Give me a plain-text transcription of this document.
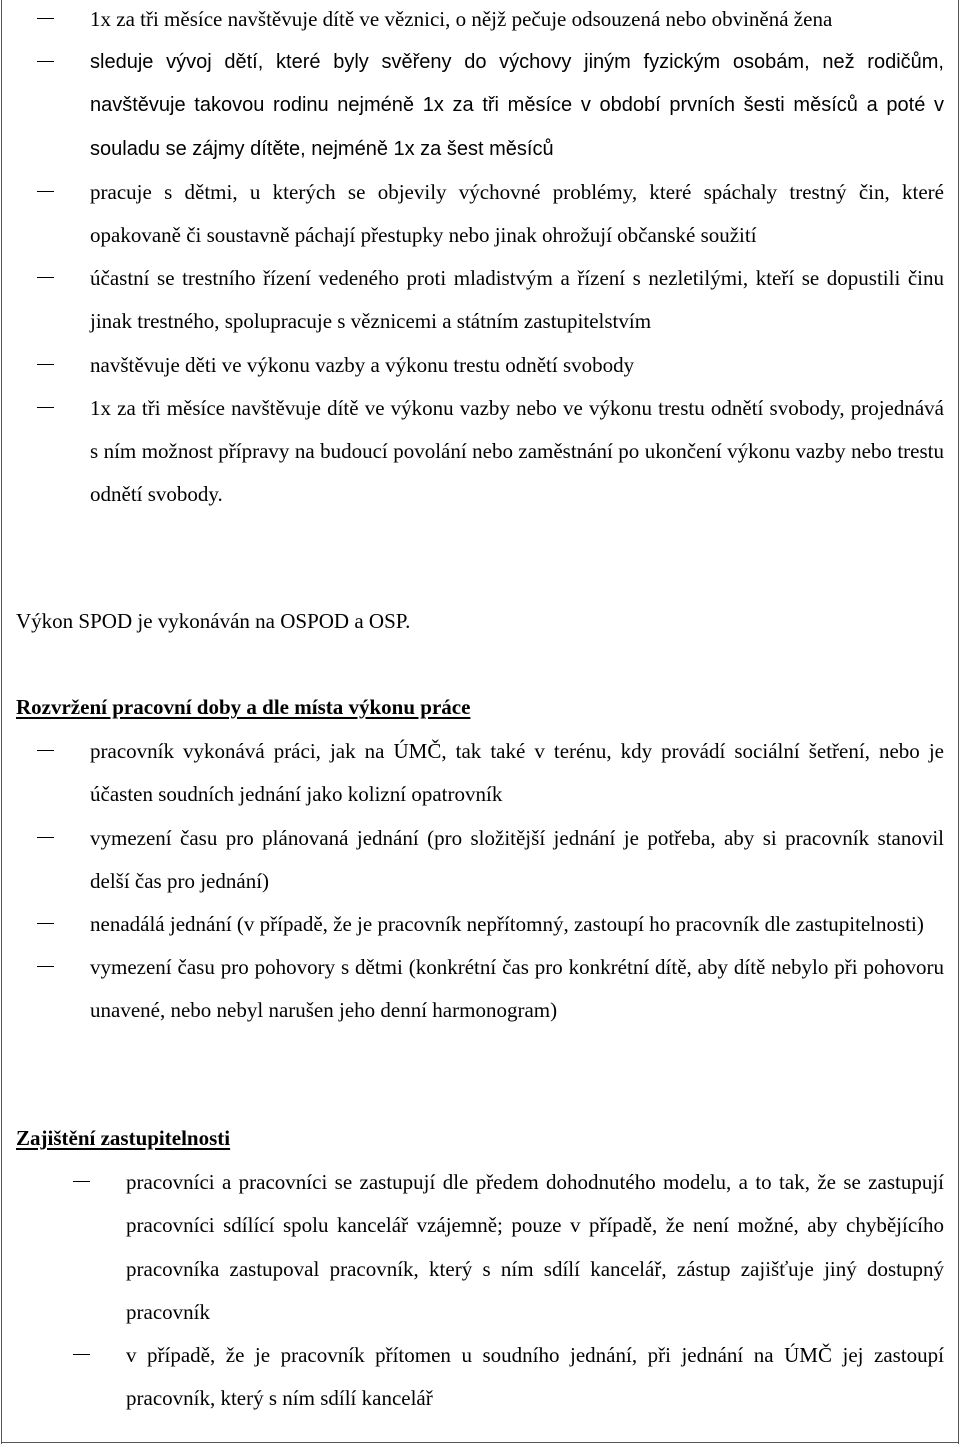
1x za tři měsíce navštěvuje dítě ve věznici, o nějž pečuje odsouzená nebo obviněná žena
sleduje vývoj dětí, které byly svěřeny do výchovy jiným fyzickým osobám, než rodičům, navštěvuje takovou rodinu nejméně 1x za tři měsíce v období prvních šesti měsíců a poté v souladu se zájmy dítěte, nejméně 1x za šest měsíců
pracuje s dětmi, u kterých se objevily výchovné problémy, které spáchaly trestný čin, které opakovaně či soustavně páchají přestupky nebo jinak ohrožují občanské soužití
účastní se trestního řízení vedeného proti mladistvým a řízení s nezletilými, kteří se dopustili činu jinak trestného, spolupracuje s věznicemi a státním zastupitelstvím
navštěvuje děti ve výkonu vazby a výkonu trestu odnětí svobody
1x za tři měsíce navštěvuje dítě ve výkonu vazby nebo ve výkonu trestu odnětí svobody, projednává s ním možnost přípravy na budoucí povolání nebo zaměstnání po ukončení výkonu vazby nebo trestu odnětí svobody.

Výkon SPOD je vykonáván na OSPOD a OSP.

Rozvržení pracovní doby a dle místa výkonu práce
pracovník vykonává práci, jak na ÚMČ, tak také v terénu, kdy provádí sociální šetření, nebo je účasten soudních jednání jako kolizní opatrovník
vymezení času pro plánovaná jednání (pro složitější jednání je potřeba, aby si pracovník stanovil delší čas pro jednání)
nenadálá jednání (v případě, že je pracovník nepřítomný, zastoupí ho pracovník dle zastupitelnosti)
vymezení času pro pohovory s dětmi (konkrétní čas pro konkrétní dítě, aby dítě nebylo při pohovoru unavené, nebo nebyl narušen jeho denní harmonogram)
Zajištění zastupitelnosti
pracovníci a pracovníci se zastupují dle předem dohodnutého modelu, a to tak, že se zastupují pracovníci sdílící spolu kancelář vzájemně; pouze v případě, že není možné, aby chybějícího pracovníka zastupoval pracovník, který s ním sdílí kancelář, zástup zajišťuje jiný dostupný pracovník
v případě, že je pracovník přítomen u soudního jednání, při jednání na ÚMČ jej zastoupí pracovník, který s ním sdílí kancelář
